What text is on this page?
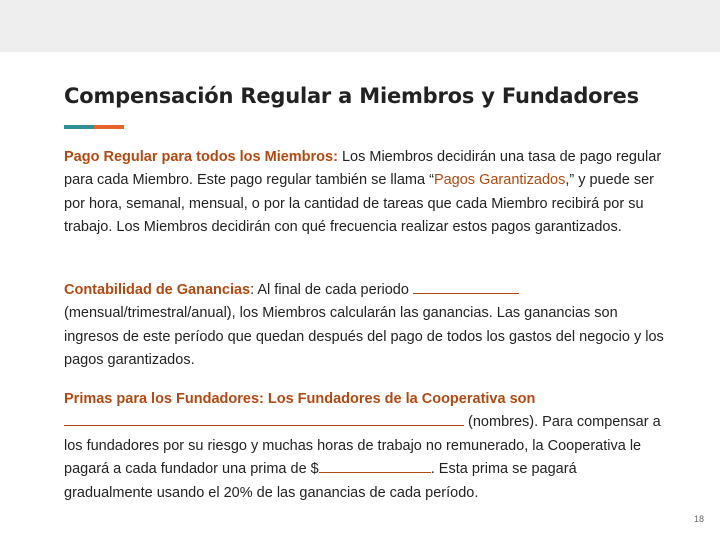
Compensación Regular a Miembros y Fundadores

Pago Regular para todos los Miembros: Los Miembros decidirán una tasa de pago regular para cada Miembro. Este pago regular también se llama “Pagos Garantizados,” y puede ser por hora, semanal, mensual, o por la cantidad de tareas que cada Miembro recibirá por su trabajo. Los Miembros decidirán con qué frecuencia realizar estos pagos garantizados.

Contabilidad de Ganancias: Al final de cada periodo  (mensual/trimestral/anual), los Miembros calcularán las ganancias. Las ganancias son ingresos de este período que quedan después del pago de todos los gastos del negocio y los pagos garantizados.

Primas para los Fundadores: Los Fundadores de la Cooperativa son
(nombres). Para compensar a los fundadores por su riesgo y muchas horas de trabajo no remunerado, la Cooperativa le pagará a cada fundador una prima de $	. Esta prima se pagará gradualmente usando el 20% de las ganancias de cada período.

18
